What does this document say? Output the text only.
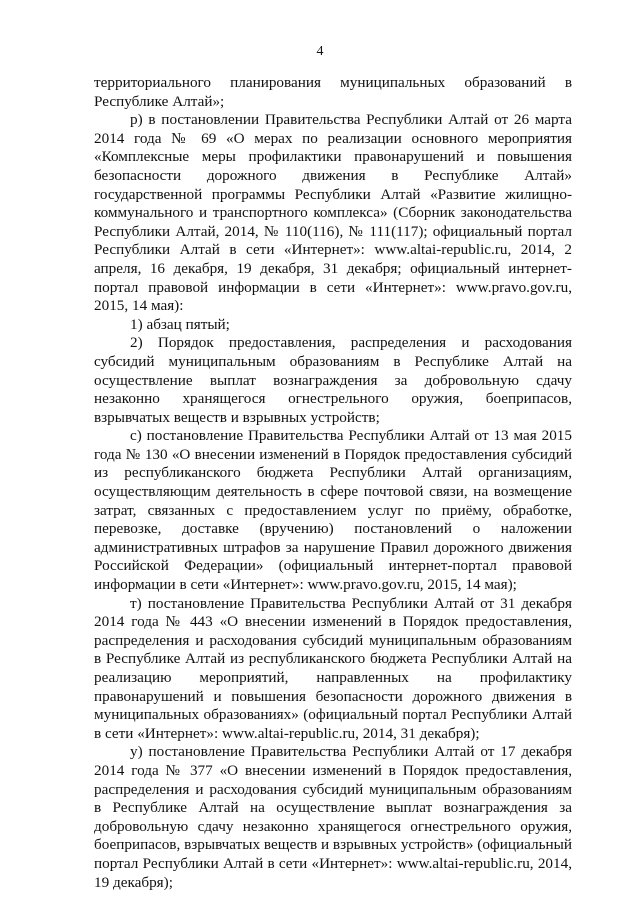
4

территориального планирования муниципальных образований в Республике Алтай»;

р) в постановлении Правительства Республики Алтай от 26 марта 2014 года № 69 «О мерах по реализации основного мероприятия «Комплексные меры профилактики правонарушений и повышения безопасности дорожного движения в Республике Алтай» государственной программы Республики Алтай «Развитие жилищно-коммунального и транспортного комплекса» (Сборник законодательства Республики Алтай, 2014, № 110(116), № 111(117); официальный портал Республики Алтай в сети «Интернет»: www.altai-republic.ru, 2014, 2 апреля, 16 декабря, 19 декабря, 31 декабря; официальный интернет-портал правовой информации в сети «Интернет»: www.pravo.gov.ru, 2015, 14 мая):

1) абзац пятый;

2) Порядок предоставления, распределения и расходования субсидий муниципальным образованиям в Республике Алтай на осуществление выплат вознаграждения за добровольную сдачу незаконно хранящегося огнестрельного оружия, боеприпасов, взрывчатых веществ и взрывных устройств;

с) постановление Правительства Республики Алтай от 13 мая 2015 года № 130 «О внесении изменений в Порядок предоставления субсидий из республиканского бюджета Республики Алтай организациям, осуществляющим деятельность в сфере почтовой связи, на возмещение затрат, связанных с предоставлением услуг по приёму, обработке, перевозке, доставке (вручению) постановлений о наложении административных штрафов за нарушение Правил дорожного движения Российской Федерации» (официальный интернет-портал правовой информации в сети «Интернет»: www.pravo.gov.ru, 2015, 14 мая);

т) постановление Правительства Республики Алтай от 31 декабря 2014 года № 443 «О внесении изменений в Порядок предоставления, распределения и расходования субсидий муниципальным образованиям в Республике Алтай из республиканского бюджета Республики Алтай на реализацию мероприятий, направленных на профилактику правонарушений и повышения безопасности дорожного движения в муниципальных образованиях» (официальный портал Республики Алтай в сети «Интернет»: www.altai-republic.ru, 2014, 31 декабря);

у) постановление Правительства Республики Алтай от 17 декабря 2014 года № 377 «О внесении изменений в Порядок предоставления, распределения и расходования субсидий муниципальным образованиям в Республике Алтай на осуществление выплат вознаграждения за добровольную сдачу незаконно хранящегося огнестрельного оружия, боеприпасов, взрывчатых веществ и взрывных устройств» (официальный портал Республики Алтай в сети «Интернет»: www.altai-republic.ru, 2014, 19 декабря);
